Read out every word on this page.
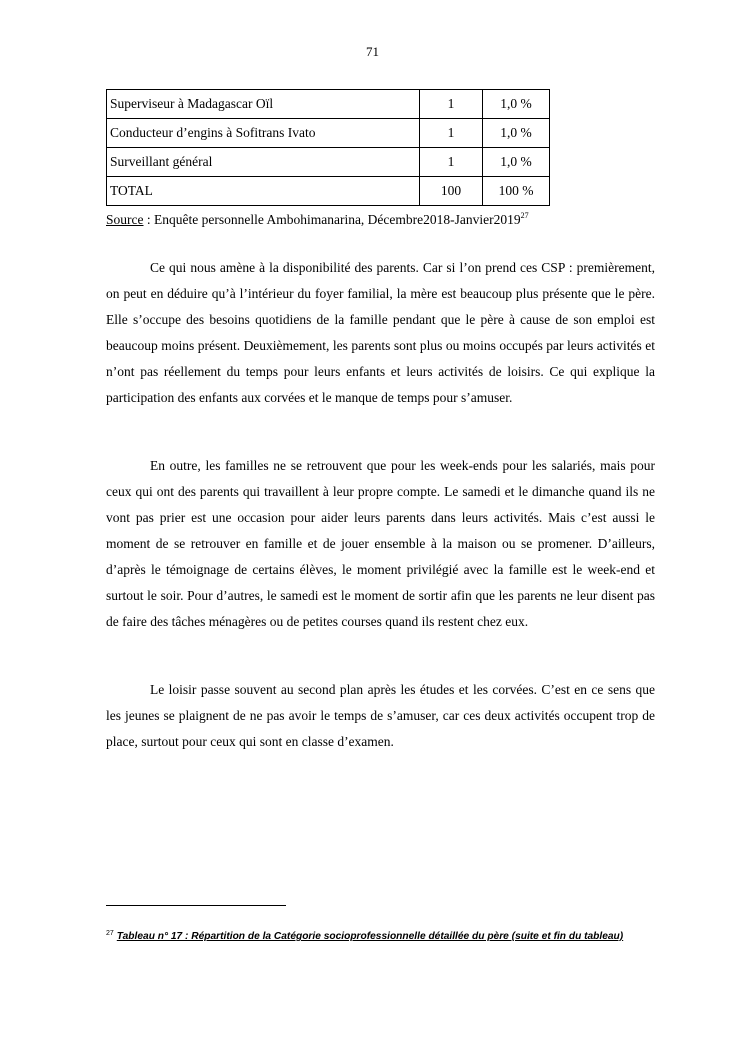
71
Superviseur à Madagascar Oïl	1	1,0 %
Conducteur d’engins à Sofitrans Ivato	1	1,0 %
Surveillant général	1	1,0 %
TOTAL	100	100 %
Source : Enquête personnelle Ambohimanarina, Décembre2018-Janvier2019$^{27}$

Ce qui nous amène à la disponibilité des parents. Car si l’on prend ces CSP : premièrement, on peut en déduire qu’à l’intérieur du foyer familial, la mère est beaucoup plus présente que le père. Elle s’occupe des besoins quotidiens de la famille pendant que le père à cause de son emploi est beaucoup moins présent. Deuxièmement, les parents sont plus ou moins occupés par leurs activités et n’ont pas réellement du temps pour leurs enfants et leurs activités de loisirs. Ce qui explique la participation des enfants aux corvées et le manque de temps pour s’amuser.

En outre, les familles ne se retrouvent que pour les week-ends pour les salariés, mais pour ceux qui ont des parents qui travaillent à leur propre compte. Le samedi et le dimanche quand ils ne vont pas prier est une occasion pour aider leurs parents dans leurs activités. Mais c’est aussi le moment de se retrouver en famille et de jouer ensemble à la maison ou se promener. D’ailleurs, d’après le témoignage de certains élèves, le moment privilégié avec la famille est le week-end et surtout le soir. Pour d’autres, le samedi est le moment de sortir afin que les parents ne leur disent pas de faire des tâches ménagères ou de petites courses quand ils restent chez eux.

Le loisir passe souvent au second plan après les études et les corvées. C’est en ce sens que les jeunes se plaignent de ne pas avoir le temps de s’amuser, car ces deux activités occupent trop de place, surtout pour ceux qui sont en classe d’examen.

$^{27}$ Tableau n° 17 : Répartition de la Catégorie socioprofessionnelle détaillée du père (suite et fin du tableau)
